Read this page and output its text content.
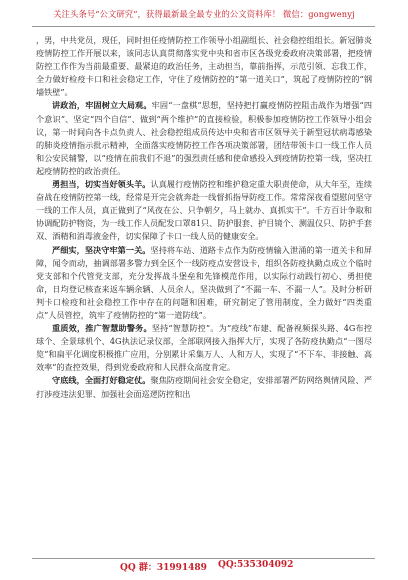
关注头条号“公文研究”，获得最新最全最专业的公文资料库！ 微信：gongwenyj

，男，中共党员，现任，同时担任疫情防控工作领导小组副组长、社会稳控组组长。新冠肺炎疫情防控工作开展以来，该同志认真贯彻落实党中央和省市区各级党委政府决策部署，把疫情防控工作作为当前最重要、最紧迫的政治任务，主动担当，靠前指挥，示范引领、忘我工作，全力做好检疫卡口和社会稳定工作，守住了疫情防控的“第一道关口”，筑起了疫情防控的“钢墙铁壁”。

讲政治，牢固树立大局观。牢固“一盘棋”思想，坚持把打赢疫情防控阻击战作为增强“四个意识”、坚定“四个自信”、做到“两个维护”的直接检验，积极参加疫情防控工作领导小组会议，第一时间向各卡点负责人、社会稳控组成员传达中央和省市区领导关于新型冠状病毒感染的肺炎疫情指示批示精神，全面落实疫情防控工作各项决策部署，团结带领卡口一线工作人员和公安民辅警，以“疫情在前我们不退”的强烈责任感和使命感投入到疫情防控第一线，坚决扛起疫情防控的政治责任。

勇担当，切实当好领头羊。认真履行疫情防控和维护稳定重大职责使命，从大年至，连续奋战在疫情防控第一线，经常是开完会就奔赴一线督抓指导防疫工作。常常深夜看望慰问坚守一线的工作人员，真正做到了“风夜在公、只争朝夕，马上就办、真抓实干”。千方百计争取和协调配防护物资，为一线工作人员配发口罩81只、防护服套、护目镜个、测温仪只、防护手套双、酒精和消毒液金件，切实保障了卡口一线人员的健康安全。

严细实，坚决守牢第一关。坚持将车站、道路卡点作为防疫情输入泄涌的第一道关卡和屏障，闻令而动，抽调部署多警力到全区个一线防疫点安营设卡，组织各防疫执勤点成立个临时党支部和个代管党支部，充分发挥战斗堡垒和先锋模范作用，以实际行动践行初心、勇担使命，日均登记核查来返车辆余辆、人员余人，坚决做到了“不漏一车、不漏一人”。及时分析研判卡口检疫和社会稳控工作中存在的问题和困难，研究制定了管用制度，全力做好“四类重点”人员管控，筑牢了疫情防控的“第一道防线”。

重质效，推广智慧助警务。坚持“智慧防控”。为“疫线”布建、配备视频探头路、4G布控球个、全景球机个、4G执法记录仪部，全部联网接入指挥大厅，实现了各防疫执勤点“一图尽览”和扁平化调度积极推广应用，分别累计采集万人、人和万人，实现了“不下车、非接触、高效率”的查控效果，得到党委政府和人民群众高度肯定。

守底线，全面打好稳定仗。聚焦防疫期间社会安全稳定，安排部署严防网络舆情风险、严打涉疫违法犯罪、加强社会面巡逻防控和出

QQ 群：31991489 QQ:535304092
